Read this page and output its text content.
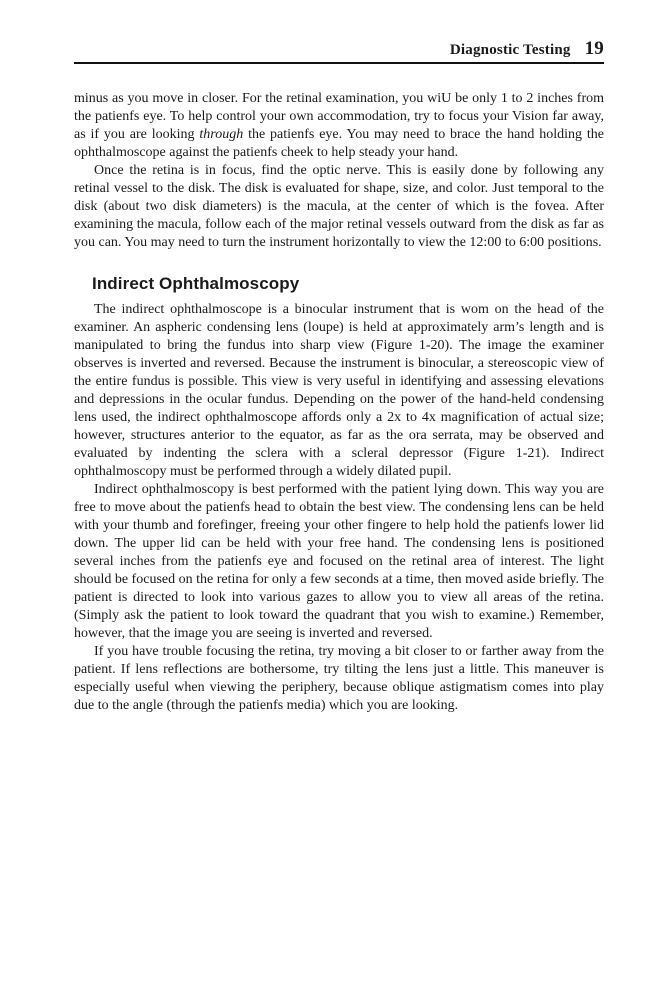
Diagnostic Testing 19

minus as you move in closer. For the retinal examination, you wiU be only 1 to 2 inches from the patienfs eye. To help control your own accommodation, try to focus your Vision far away, as if you are looking through the patienfs eye. You may need to brace the hand holding the ophthalmoscope against the patienfs cheek to help steady your hand.

Once the retina is in focus, find the optic nerve. This is easily done by following any retinal vessel to the disk. The disk is evaluated for shape, size, and color. Just temporal to the disk (about two disk diameters) is the macula, at the center of which is the fovea. After examining the macula, follow each of the major retinal vessels outward from the disk as far as you can. You may need to turn the instrument horizontally to view the 12:00 to 6:00 positions.

Indirect Ophthalmoscopy

The indirect ophthalmoscope is a binocular instrument that is wom on the head of the examiner. An aspheric condensing lens (loupe) is held at approximately arm’s length and is manipulated to bring the fundus into sharp view (Figure 1-20). The image the examiner observes is inverted and reversed. Because the instrument is binocular, a stereoscopic view of the entire fundus is possible. This view is very useful in identifying and assessing elevations and depressions in the ocular fundus. Depending on the power of the hand-held condensing lens used, the indirect ophthalmoscope affords only a 2x to 4x magnification of actual size; however, structures anterior to the equator, as far as the ora serrata, may be observed and evaluated by indenting the sclera with a scleral depressor (Figure 1-21). Indirect ophthalmoscopy must be performed through a widely dilated pupil.

Indirect ophthalmoscopy is best performed with the patient lying down. This way you are free to move about the patienfs head to obtain the best view. The condensing lens can be held with your thumb and forefinger, freeing your other fingere to help hold the patienfs lower lid down. The upper lid can be held with your free hand. The condensing lens is positioned several inches from the patienfs eye and focused on the retinal area of interest. The light should be focused on the retina for only a few seconds at a time, then moved aside briefly. The patient is directed to look into various gazes to allow you to view all areas of the retina. (Simply ask the patient to look toward the quadrant that you wish to examine.) Remember, however, that the image you are seeing is inverted and reversed.

If you have trouble focusing the retina, try moving a bit closer to or farther away from the patient. If lens reflections are bothersome, try tilting the lens just a little. This maneuver is especially useful when viewing the periphery, because oblique astigmatism comes into play due to the angle (through the patienfs media) which you are looking.
